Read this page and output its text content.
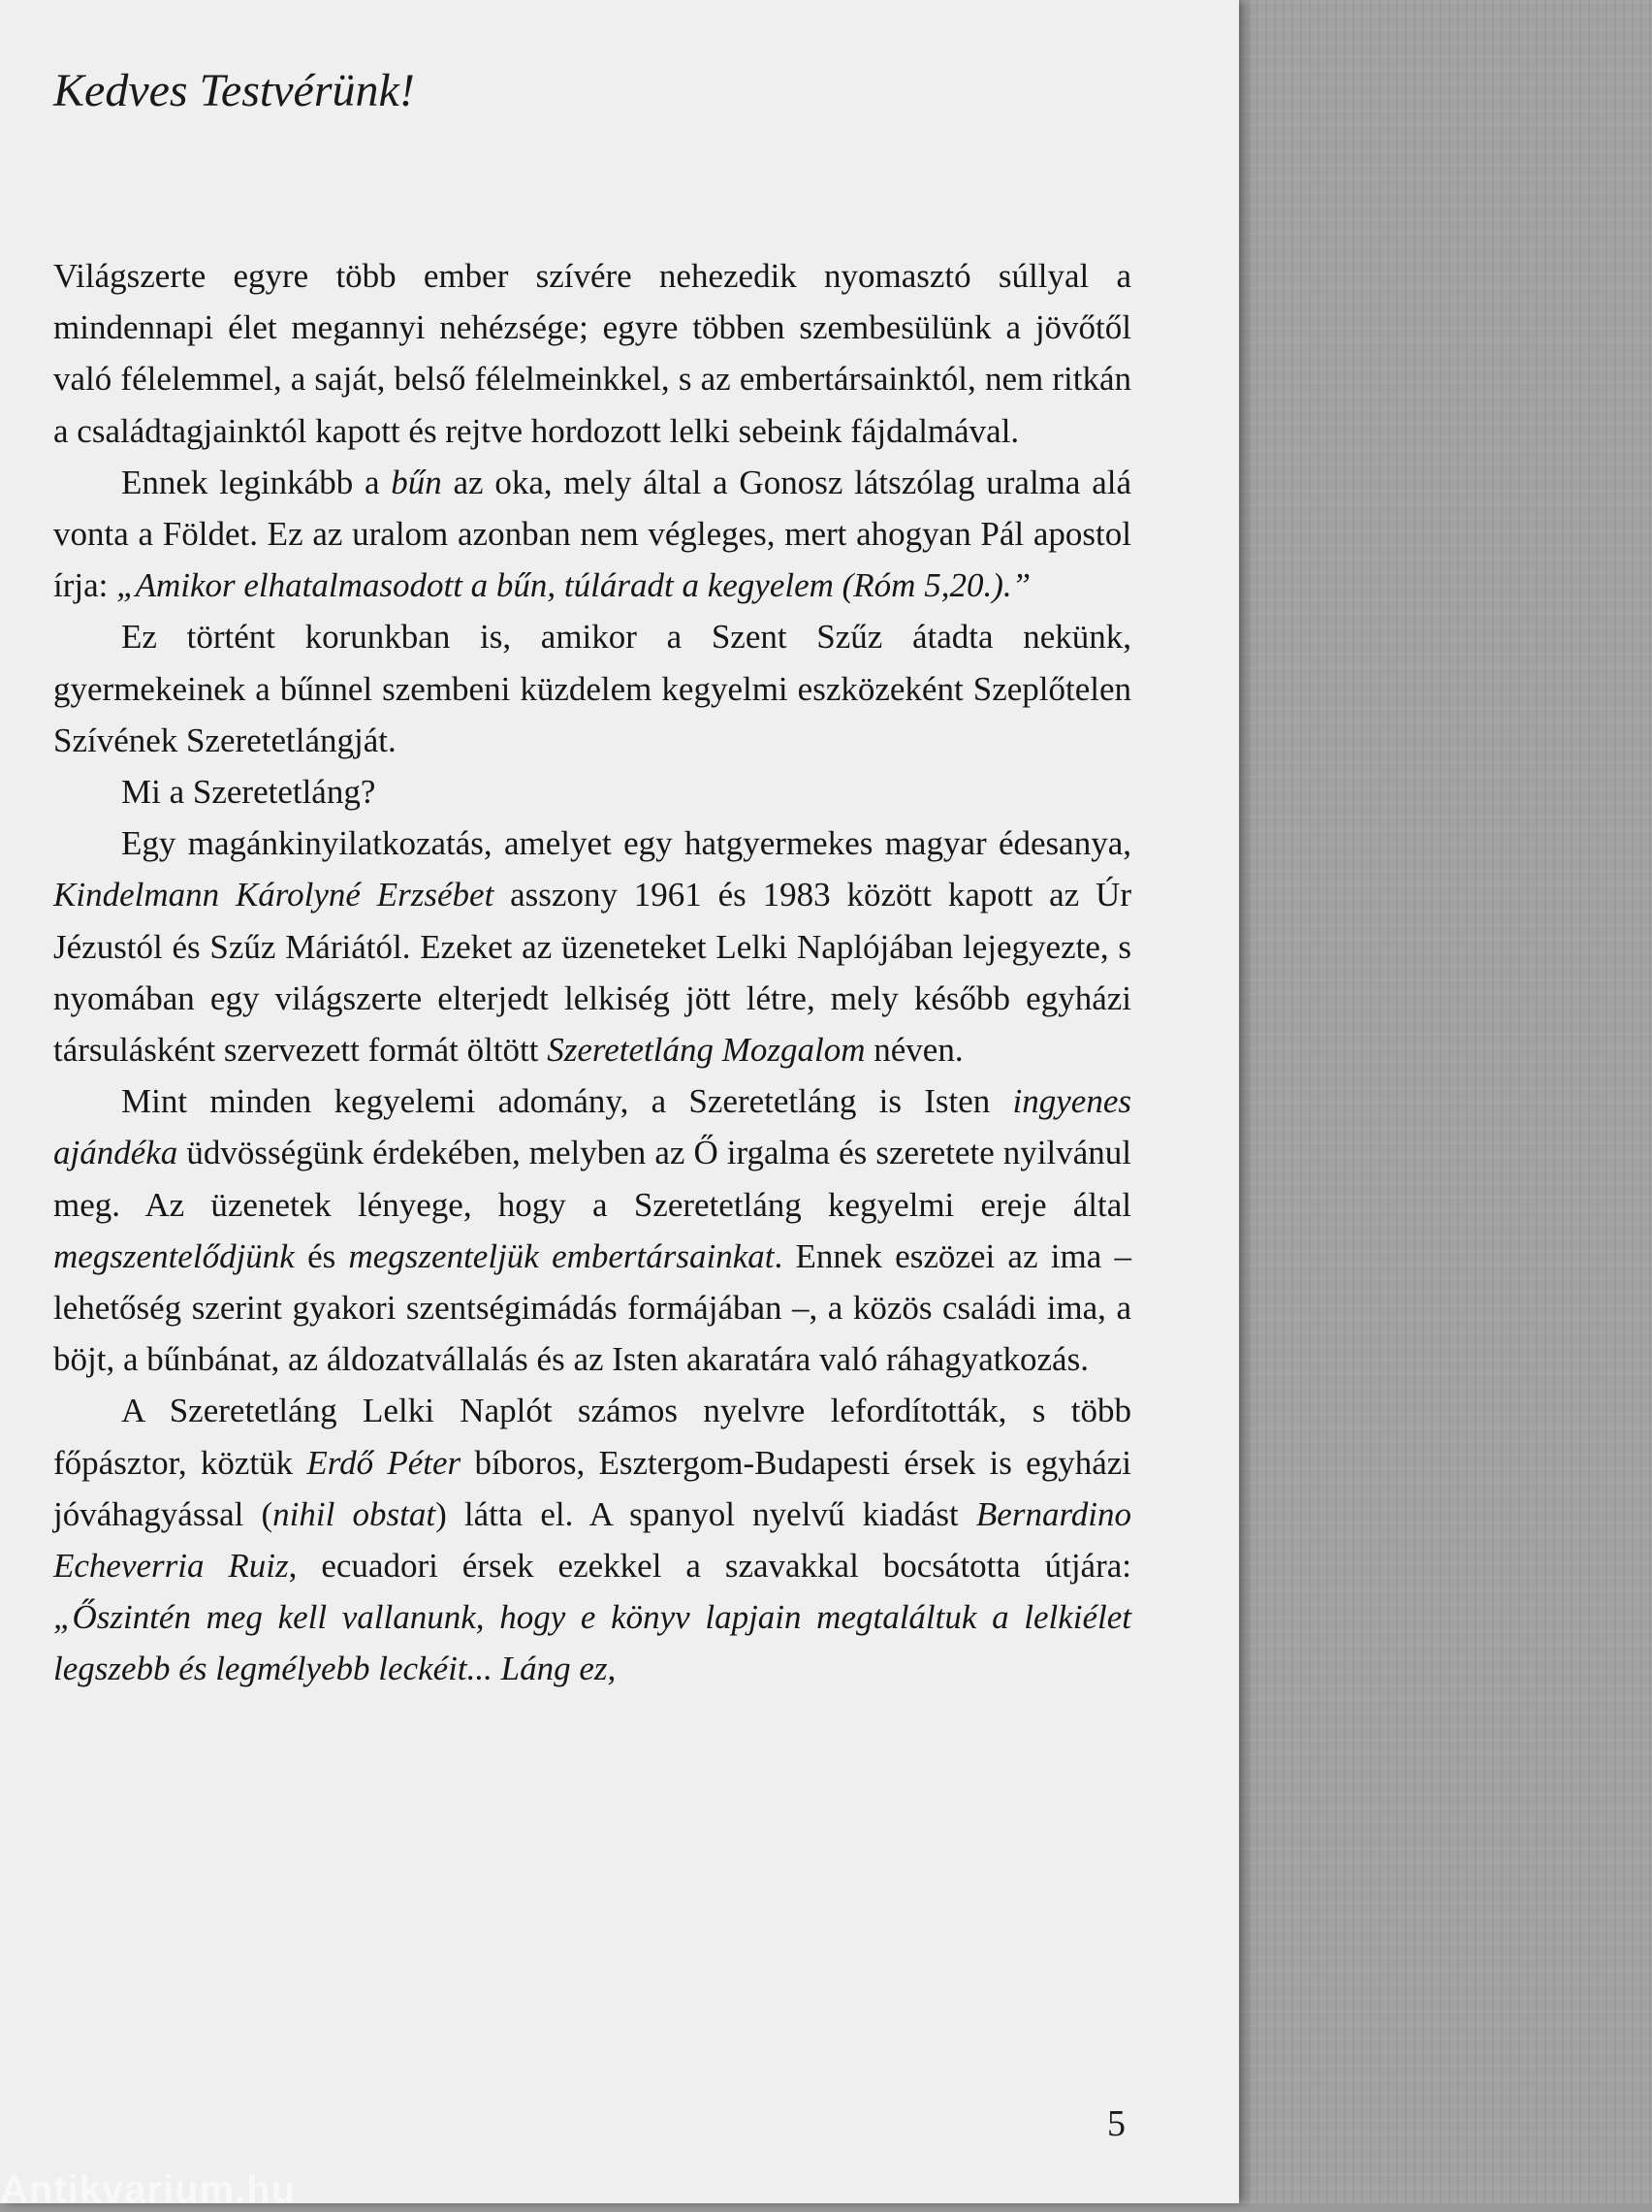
Kedves Testvérünk!

Világszerte egyre több ember szívére nehezedik nyomasztó súllyal a mindennapi élet megannyi nehézsége; egyre többen szembesülünk a jövőtől való félelemmel, a saját, belső félelmeinkkel, s az embertársainktól, nem ritkán a családtagjainktól kapott és rejtve hordozott lelki sebeink fájdalmával.

Ennek leginkább a bűn az oka, mely által a Gonosz látszólag uralma alá vonta a Földet. Ez az uralom azonban nem végleges, mert ahogyan Pál apostol írja: „Amikor elhatalmasodott a bűn, túláradt a kegyelem (Róm 5,20.).”

Ez történt korunkban is, amikor a Szent Szűz átadta nekünk, gyermekeinek a bűnnel szembeni küzdelem kegyelmi eszközeként Szeplőtelen Szívének Szeretetlángját.

Mi a Szeretetláng?

Egy magánkinyilatkozatás, amelyet egy hatgyermekes magyar édesanya, Kindelmann Károlyné Erzsébet asszony 1961 és 1983 között kapott az Úr Jézustól és Szűz Máriától. Ezeket az üzeneteket Lelki Naplójában lejegyezte, s nyomában egy világszerte elterjedt lelkiség jött létre, mely később egyházi társulásként szervezett formát öltött Szeretetláng Mozgalom néven.

Mint minden kegyelemi adomány, a Szeretetláng is Isten ingyenes ajándéka üdvösségünk érdekében, melyben az Ő irgalma és szeretete nyilvánul meg. Az üzenetek lényege, hogy a Szeretetláng kegyelmi ereje által megszentelődjünk és megszenteljük embertársainkat. Ennek eszözei az ima – lehetőség szerint gyakori szentségimádás formájában –, a közös családi ima, a böjt, a bűnbánat, az áldozatvállalás és az Isten akaratára való ráhagyatkozás.

A Szeretetláng Lelki Naplót számos nyelvre lefordították, s több főpásztor, köztük Erdő Péter bíboros, Esztergom-Budapesti érsek is egyházi jóváhagyással (nihil obstat) látta el. A spanyol nyelvű kiadást Bernardino Echeverria Ruiz, ecuadori érsek ezekkel a szavakkal bocsátotta útjára: „Őszintén meg kell vallanunk, hogy e könyv lapjain megtaláltuk a lelkiélet legszebb és legmélyebb leckéit... Láng ez,

5
Antikvarium.hu
